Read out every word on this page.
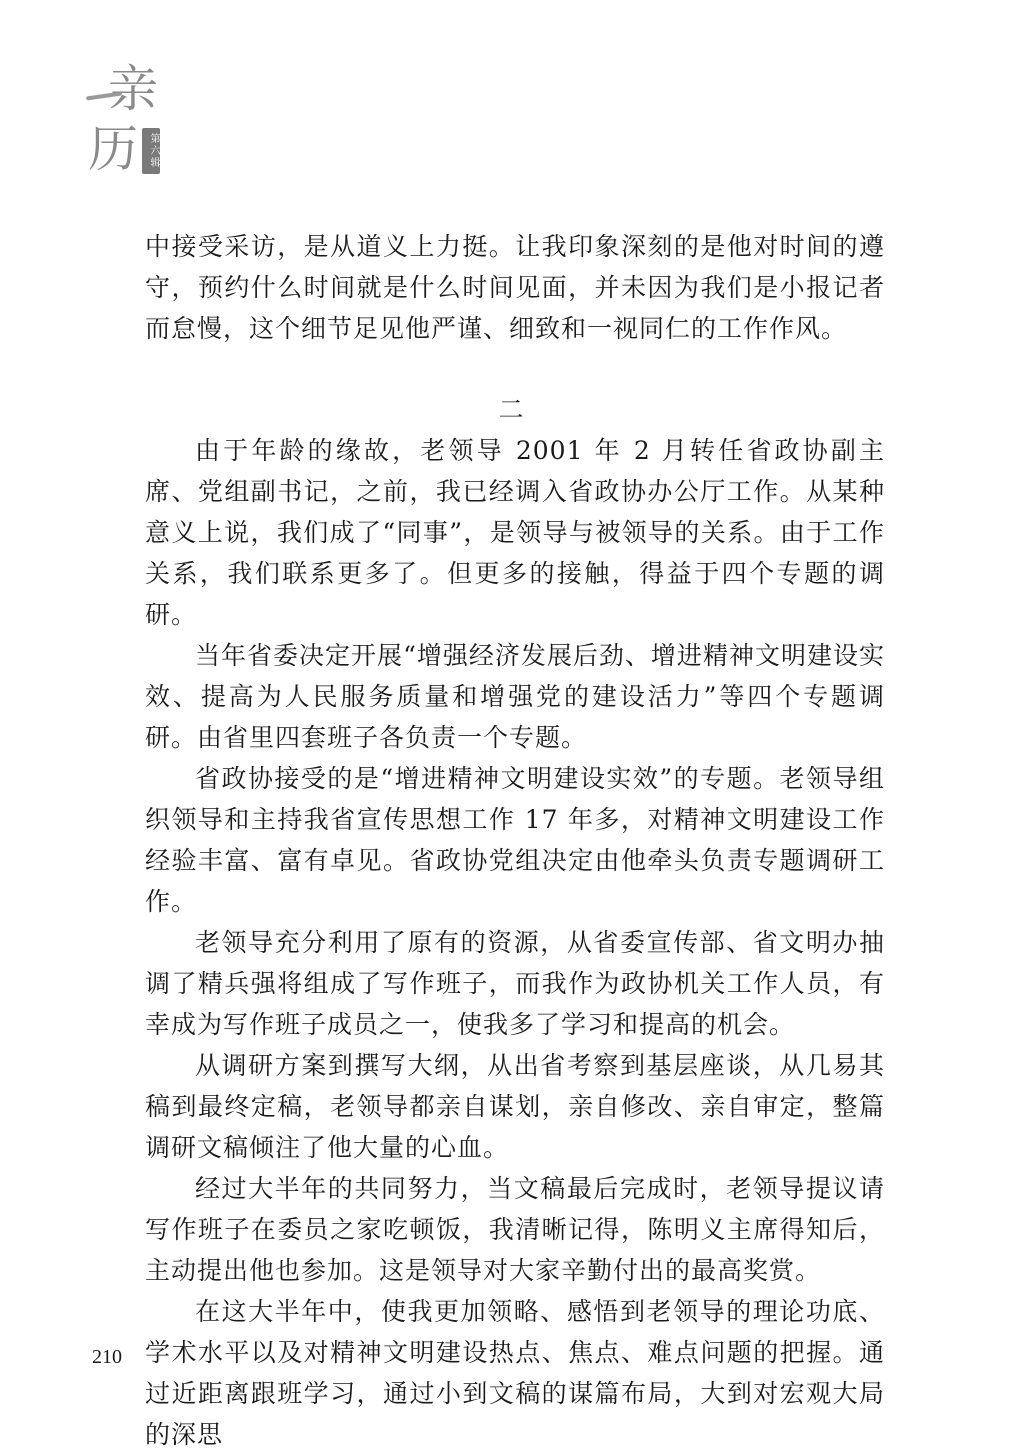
亲
历	第六辑

中接受采访，是从道义上力挺。让我印象深刻的是他对时间的遵守，预约什么时间就是什么时间见面，并未因为我们是小报记者而怠慢，这个细节足见他严谨、细致和一视同仁的工作作风。

二

由于年龄的缘故，老领导 2001 年 2 月转任省政协副主席、党组副书记，之前，我已经调入省政协办公厅工作。从某种意义上说，我们成了“同事”，是领导与被领导的关系。由于工作关系，我们联系更多了。但更多的接触，得益于四个专题的调研。

当年省委决定开展“增强经济发展后劲、增进精神文明建设实效、提高为人民服务质量和增强党的建设活力”等四个专题调研。由省里四套班子各负责一个专题。

省政协接受的是“增进精神文明建设实效”的专题。老领导组织领导和主持我省宣传思想工作 17 年多，对精神文明建设工作经验丰富、富有卓见。省政协党组决定由他牵头负责专题调研工作。

老领导充分利用了原有的资源，从省委宣传部、省文明办抽调了精兵强将组成了写作班子，而我作为政协机关工作人员，有幸成为写作班子成员之一，使我多了学习和提高的机会。

从调研方案到撰写大纲，从出省考察到基层座谈，从几易其稿到最终定稿，老领导都亲自谋划，亲自修改、亲自审定，整篇调研文稿倾注了他大量的心血。

经过大半年的共同努力，当文稿最后完成时，老领导提议请写作班子在委员之家吃顿饭，我清晰记得，陈明义主席得知后，主动提出他也参加。这是领导对大家辛勤付出的最高奖赏。

在这大半年中，使我更加领略、感悟到老领导的理论功底、学术水平以及对精神文明建设热点、焦点、难点问题的把握。通过近距离跟班学习，通过小到文稿的谋篇布局，大到对宏观大局的深思

210
